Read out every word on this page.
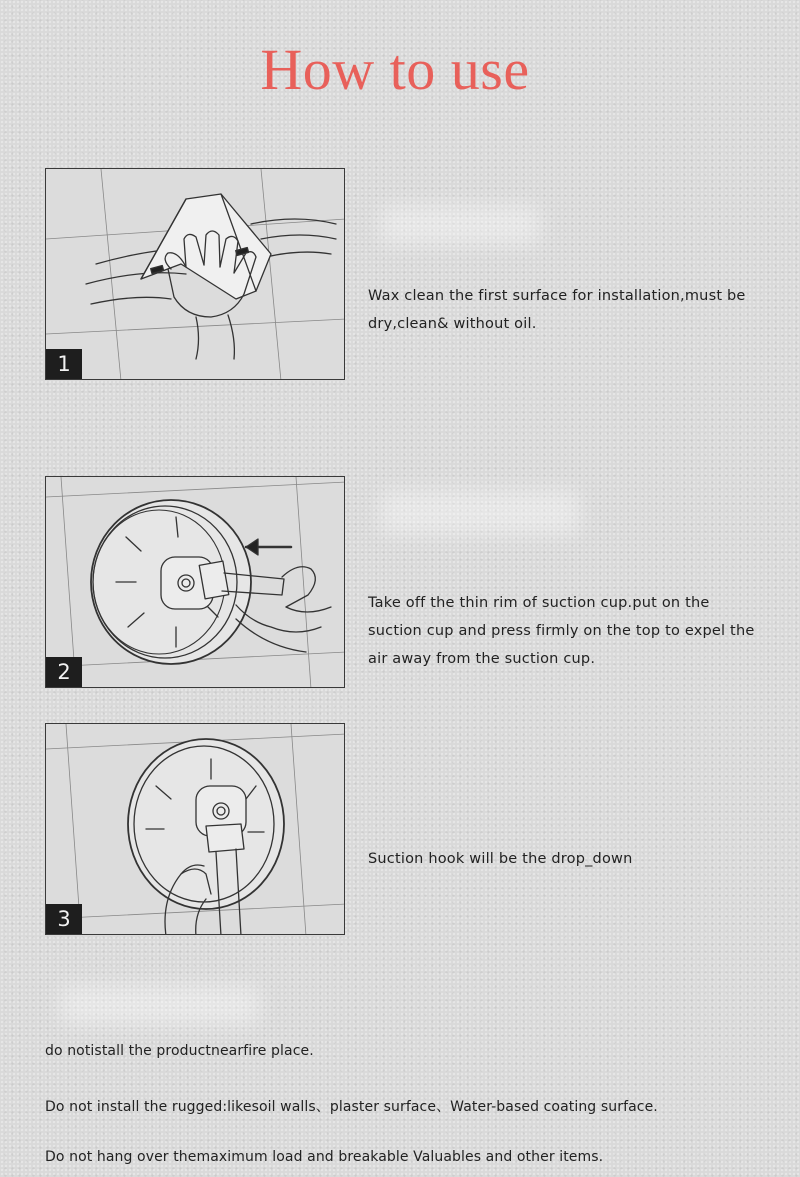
How to use
1
Wax clean the first surface for installation,must be dry,clean& without oil.
2
Take off the thin rim of suction cup.put on the suction cup and press firmly on the top to expel the air away from the suction cup.
3
Suction hook will be the drop_down
do notistall the productnearfire place.
Do not install the rugged:likesoil walls、plaster surface、Water-based coating surface.
Do not hang over themaximum load and breakable Valuables and other items.
